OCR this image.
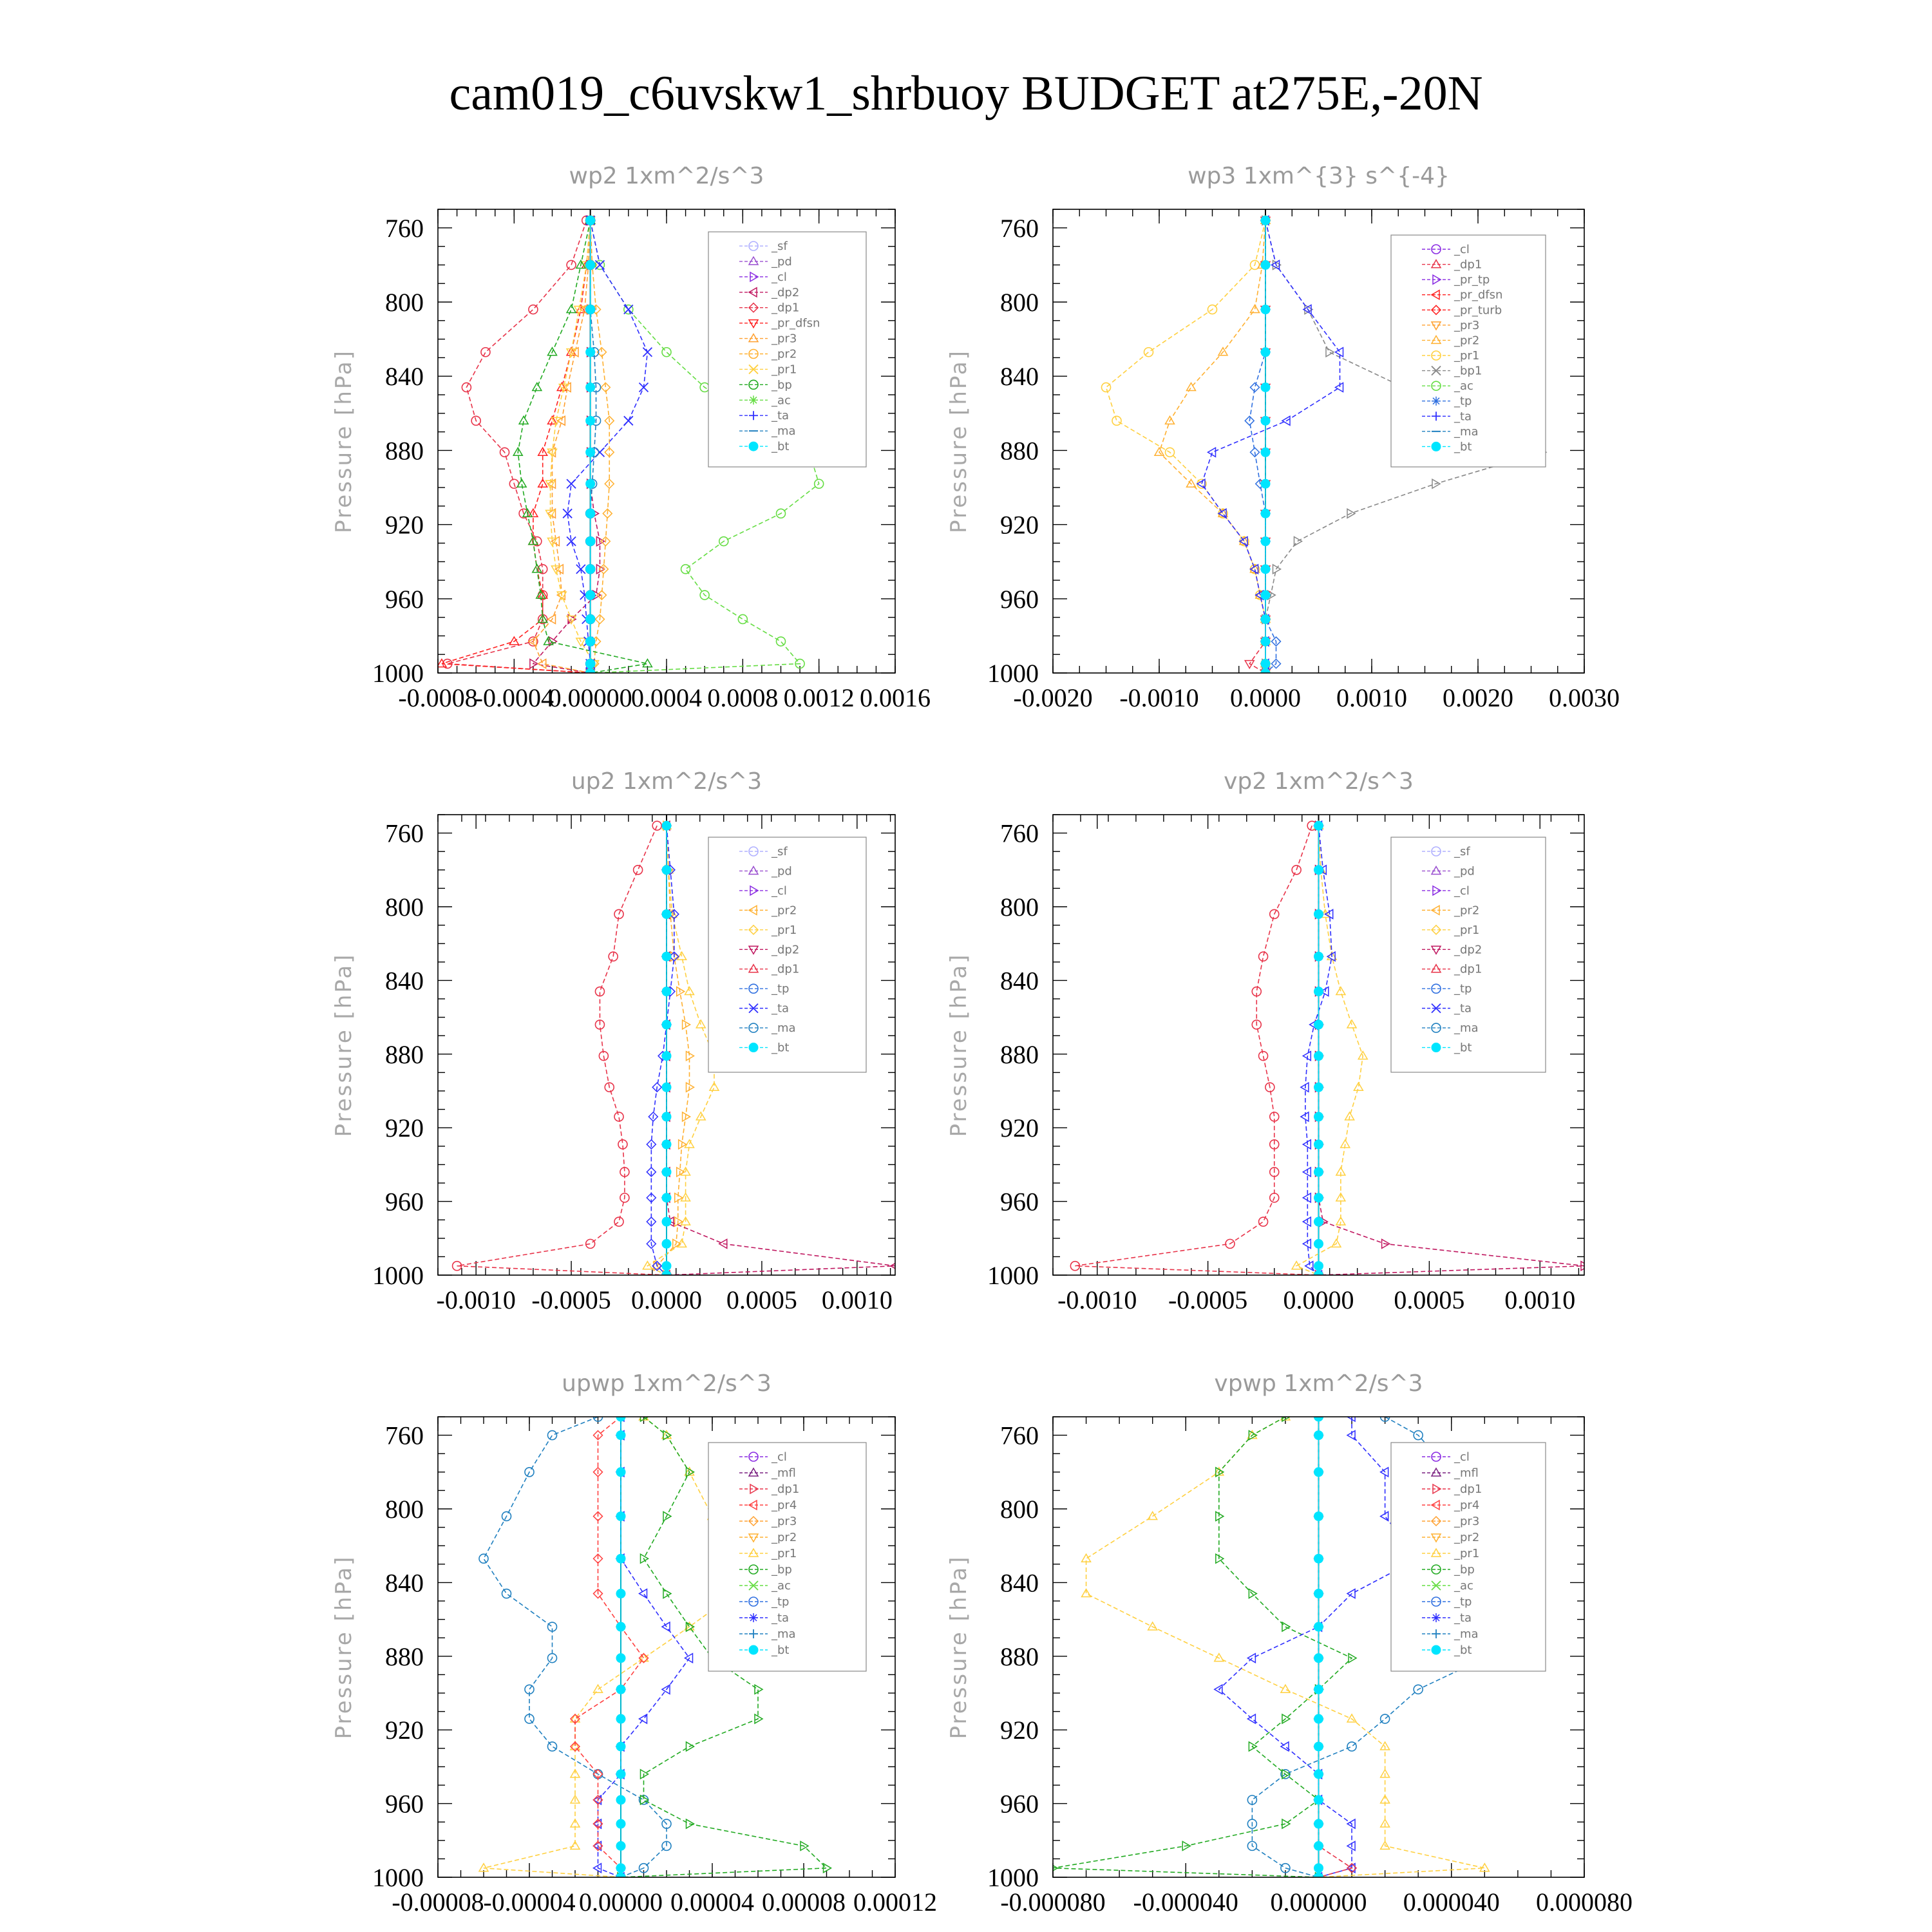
cam019_c6uvskw1_shrbuoy BUDGET at275E,-20N
wp2 1xm^2/s^3
Pressure [hPa]
760
800
840
880
920
960
1000
-0.0008
-0.0004
0.00000
0.0004 0.0008 0.0012 0.0016
_sf
_pd
_cl
_dp2
_dp1
_pr_dfsn
_pr3
_pr2
_pr1
_bp
_ac
_ta
_ma
_bt
wp3 1xm^{3} s^{-4}
Pressure [hPa]
760
800
840
880
920
960
1000
-0.0020 -0.0010 0.0000 0.0010 0.0020 0.0030
_cl
_dp1
_pr_tp
_pr_dfsn
_pr_turb
_pr3
_pr2
_pr1
_bp1
_ac
_tp
_ta
_ma
_bt
up2 1xm^2/s^3
Pressure [hPa]
760
800
840
880
920
960
1000
-0.0010 -0.0005 0.0000 0.0005 0.0010
_sf
_pd
_cl
_pr2
_pr1
_dp2
_dp1
_tp
_ta
_ma
_bt
vp2 1xm^2/s^3
Pressure [hPa]
760
800
840
880
920
960
1000
-0.0010 -0.0005 0.0000 0.0005 0.0010
_sf
_pd
_cl
_pr2
_pr1
_dp2
_dp1
_tp
_ta
_ma
_bt
upwp 1xm^2/s^3
Pressure [hPa]
760
800
840
880
920
960
1000
-0.00008
-0.00004 0.00000 0.00004 0.00008 0.00012
_cl
_mfl
_dp1
_pr4
_pr3
_pr2
_pr1
_bp
_ac
_tp
_ta
_ma
_bt
vpwp 1xm^2/s^3
Pressure [hPa]
760
800
840
880
920
960
1000
-0.000080 -0.000040 0.000000 0.000040 0.000080
_cl
_mfl
_dp1
_pr4
_pr3
_pr2
_pr1
_bp
_ac
_tp
_ta
_ma
_bt
